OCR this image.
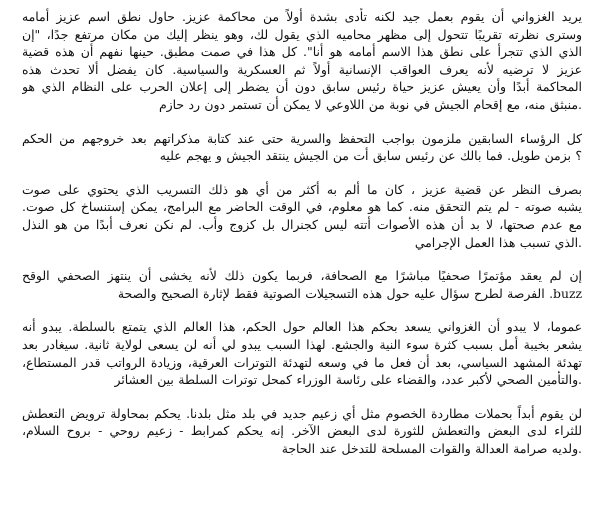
يريد الغزواني أن يقوم بعمل جيد لكنه تأدى بشدة أولاً من محاكمة عزيز. حاول نطق اسم عزيز أمامه
وسترى نظرته تقريبًا تتحول إلى مظهر محاميه الذي يقول لك، وهو ينظر إليك من مكان مرتفع جدًا، "إن
الذي الذي تتجرأ على نطق هذا الاسم أمامه هو أنا". كل هذا في صمت مطبق. حينها نفهم أن هذه قضية
عزيز لا ترضيه لأنه يعرف العواقب الإنسانية أولاً ثم العسكرية والسياسية. كان يفضل ألا تحدث هذه
المحاكمة أبدًا وأن يعيش عزيز حياة رئيس سابق دون أن يضطر إلى إعلان الحرب على النظام الذي هو
.منبثق منه، مع إقحام الجيش في نوبة من اللاوعي لا يمكن أن تستمر دون رد حازم

كل الرؤساء السابقين ملزمون بواجب التحفظ والسرية حتى عند كتابة مذكراتهم بعد خروجهم من الحكم
؟ بزمن طويل. فما بالك عن رئيس سابق أت من الجيش ينتقد الجيش و يهجم عليه

بصرف النظر عن قضية عزيز ، كان ما ألم به أكثر من أي هو ذلك التسريب الذي يحتوي على صوت
يشبه صوته - لم يتم التحقق منه. كما هو معلوم، في الوقت الحاضر مع البرامج، يمكن إستنساخ كل صوت.
مع عدم صحتها، لا بد أن هذه الأصوات أتته ليس كجنرال بل كزوج وأب. لم نكن نعرف أبدًا من هو النذل
.الذي تسبب هذا العمل الإجرامي

إن لم يعقد مؤتمرًا صحفيًا مباشرًا مع الصحافة، فربما يكون ذلك لأنه يخشى أن ينتهز الصحفي الوقح
buzz. الفرصة لطرح سؤال عليه حول هذه التسجيلات الصوتية فقط لإثارة الصحيح والصحة

عموما، لا يبدو أن الغزواني يسعد بحكم هذا العالم حول الحكم، هذا العالم الذي يتمتع بالسلطة. يبدو أنه
يشعر بخيبة أمل بسبب كثرة سوء النية والجشع. لهذا السبب يبدو لي أنه لن يسعى لولاية ثانية. سيغادر بعد
تهدئة المشهد السياسي، بعد أن فعل ما في وسعه لتهدئة التوترات العرقية، وزيادة الرواتب قدر المستطاع،
.والتأمين الصحي لأكبر عدد، والقضاء على رئاسة الوزراء كمحل توترات السلطة بين العشائر

لن يقوم أبداً بحملات مطاردة الخصوم مثل أي زعيم جديد في بلد مثل بلدنا. يحكم بمحاولة ترويض التعطش
للثراء لدى البعض والتعطش للثورة لدى البعض الآخر. إنه يحكم كمرابط - زعيم روحي - بروح السلام،
.ولديه صرامة العدالة والقوات المسلحة للتدخل عند الحاجة
